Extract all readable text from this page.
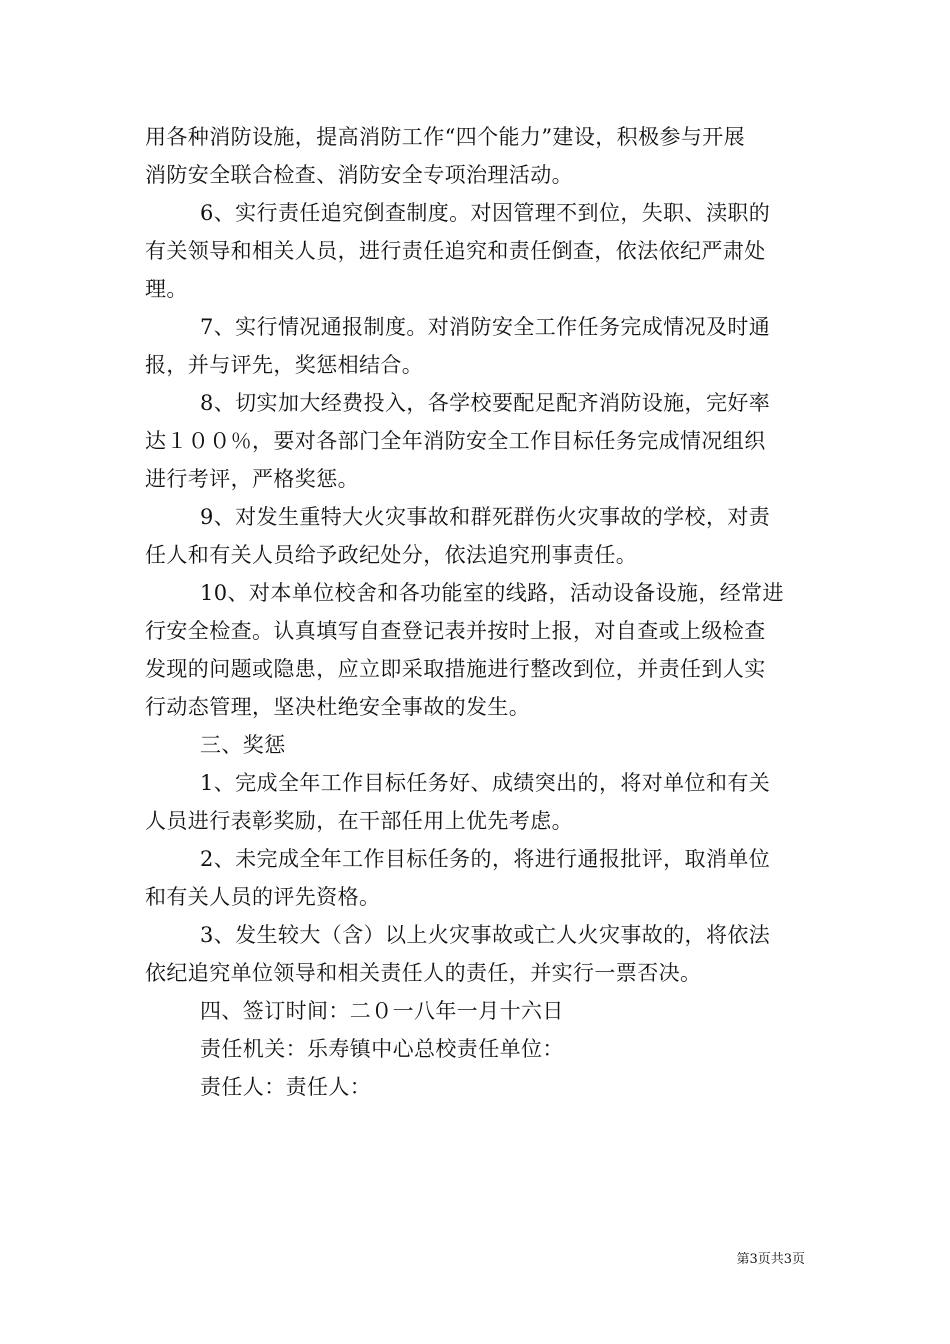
用各种消防设施，提高消防工作“四个能力”建设，积极参与开展
消防安全联合检查、消防安全专项治理活动。
6、实行责任追究倒查制度。对因管理不到位，失职、渎职的
有关领导和相关人员，进行责任追究和责任倒查，依法依纪严肃处
理。
7、实行情况通报制度。对消防安全工作任务完成情况及时通
报，并与评先，奖惩相结合。
8、切实加大经费投入，各学校要配足配齐消防设施，完好率
达１００％，要对各部门全年消防安全工作目标任务完成情况组织
进行考评，严格奖惩。
9、对发生重特大火灾事故和群死群伤火灾事故的学校，对责
任人和有关人员给予政纪处分，依法追究刑事责任。
10、对本单位校舍和各功能室的线路，活动设备设施，经常进
行安全检查。认真填写自查登记表并按时上报，对自查或上级检查
发现的问题或隐患，应立即采取措施进行整改到位，并责任到人实
行动态管理，坚决杜绝安全事故的发生。
三、奖惩
1、完成全年工作目标任务好、成绩突出的，将对单位和有关
人员进行表彰奖励，在干部任用上优先考虑。
2、未完成全年工作目标任务的，将进行通报批评，取消单位
和有关人员的评先资格。
3、发生较大（含）以上火灾事故或亡人火灾事故的，将依法
依纪追究单位领导和相关责任人的责任，并实行一票否决。
四、签订时间：二０一八年一月十六日
责任机关：乐寿镇中心总校责任单位：
责任人：责任人：
第3页共3页
